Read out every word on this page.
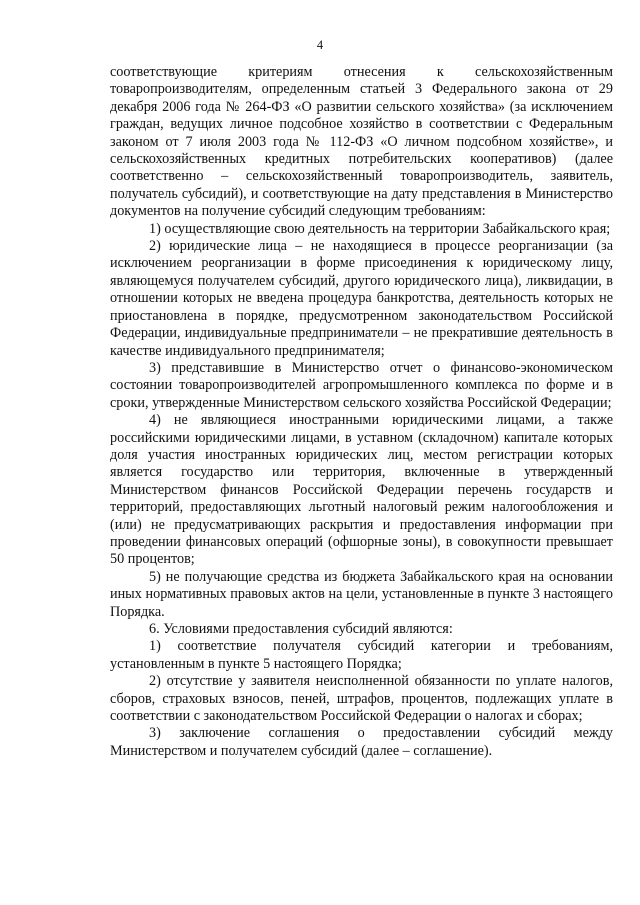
4

соответствующие критериям отнесения к сельскохозяйственным товаропроизводителям, определенным статьей 3 Федерального закона от 29 декабря 2006 года № 264-ФЗ «О развитии сельского хозяйства» (за исключением граждан, ведущих личное подсобное хозяйство в соответствии с Федеральным законом от 7 июля 2003 года № 112-ФЗ «О личном подсобном хозяйстве», и сельскохозяйственных кредитных потребительских кооперативов) (далее соответственно – сельскохозяйственный товаропроизводитель, заявитель, получатель субсидий), и соответствующие на дату представления в Министерство документов на получение субсидий следующим требованиям:

1) осуществляющие свою деятельность на территории Забайкальского края;

2) юридические лица – не находящиеся в процессе реорганизации (за исключением реорганизации в форме присоединения к юридическому лицу, являющемуся получателем субсидий, другого юридического лица), ликвидации, в отношении которых не введена процедура банкротства, деятельность которых не приостановлена в порядке, предусмотренном законодательством Российской Федерации, индивидуальные предприниматели – не прекратившие деятельность в качестве индивидуального предпринимателя;

3) представившие в Министерство отчет о финансово-экономическом состоянии товаропроизводителей агропромышленного комплекса по форме и в сроки, утвержденные Министерством сельского хозяйства Российской Федерации;

4) не являющиеся иностранными юридическими лицами, а также российскими юридическими лицами, в уставном (складочном) капитале которых доля участия иностранных юридических лиц, местом регистрации которых является государство или территория, включенные в утвержденный Министерством финансов Российской Федерации перечень государств и территорий, предоставляющих льготный налоговый режим налогообложения и (или) не предусматривающих раскрытия и предоставления информации при проведении финансовых операций (офшорные зоны), в совокупности превышает 50 процентов;

5) не получающие средства из бюджета Забайкальского края на основании иных нормативных правовых актов на цели, установленные в пункте 3 настоящего Порядка.

6. Условиями предоставления субсидий являются:

1) соответствие получателя субсидий категории и требованиям, установленным в пункте 5 настоящего Порядка;

2) отсутствие у заявителя неисполненной обязанности по уплате налогов, сборов, страховых взносов, пеней, штрафов, процентов, подлежащих уплате в соответствии с законодательством Российской Федерации о налогах и сборах;

3) заключение соглашения о предоставлении субсидий между Министерством и получателем субсидий (далее – соглашение).
